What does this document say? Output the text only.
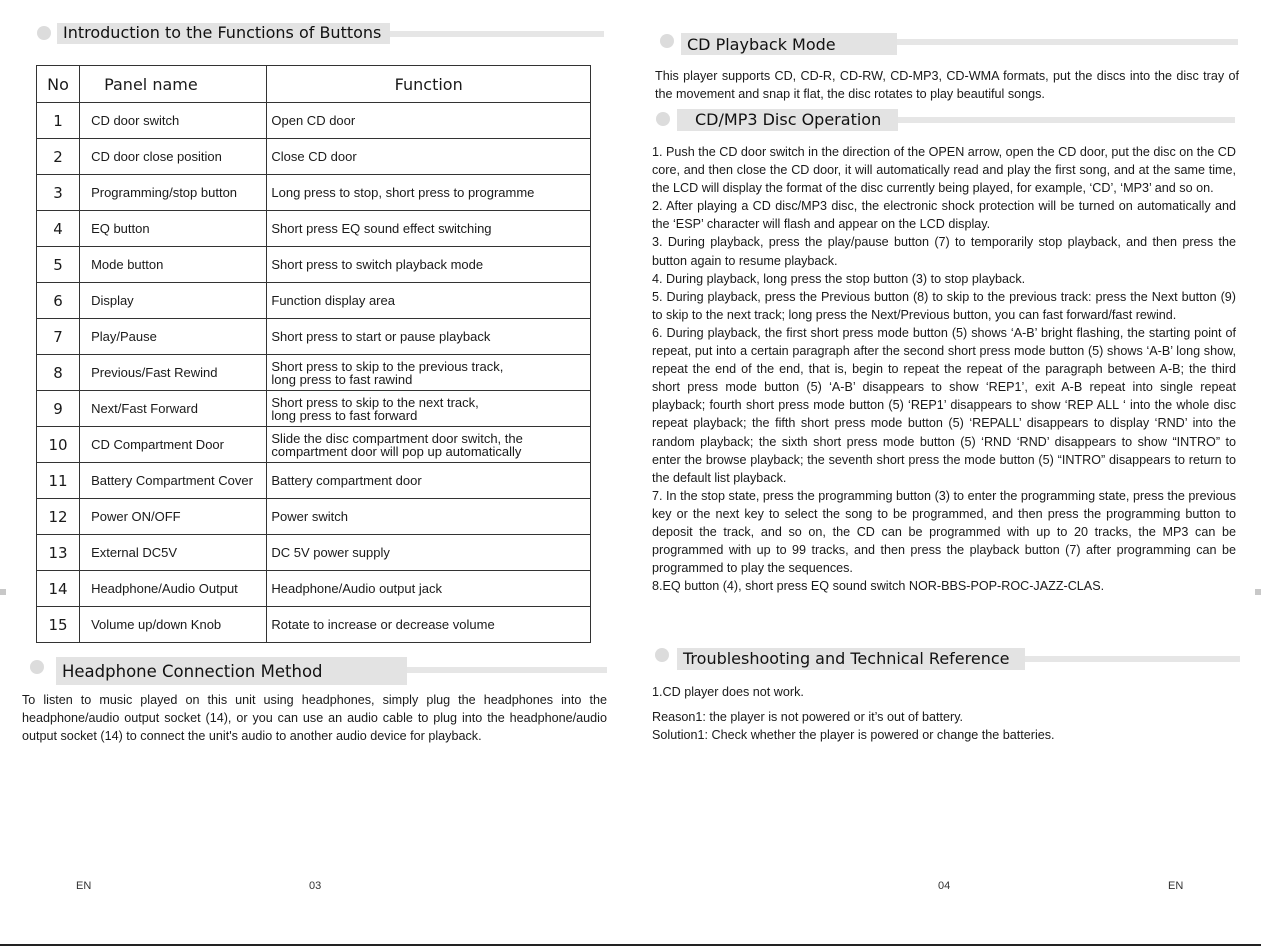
Introduction to the Functions of Buttons
No	Panel name	Function
1	CD door switch	Open CD door
2	CD door close position	Close CD door
3	Programming/stop button	Long press to stop, short press to programme
4	EQ button	Short press EQ sound effect switching
5	Mode button	Short press to switch playback mode
6	Display	Function display area
7	Play/Pause	Short press to start or pause playback
8	Previous/Fast Rewind	Short press to skip to the previous track,
long press to fast rawind

9	Next/Fast Forward	Short press to skip to the next track,
long press to fast forward

10	CD Compartment Door	Slide the disc compartment door switch, the
compartment door will pop up automatically

11	Battery Compartment Cover	Battery compartment door
12	Power ON/OFF	Power switch
13	External DC5V	DC 5V power supply
14	Headphone/Audio Output	Headphone/Audio output jack
15	Volume up/down Knob	Rotate to increase or decrease volume
Headphone Connection Method

To listen to music played on this unit using headphones, simply plug the headphones into the headphone/audio output socket (14), or you can use an audio cable to plug into the headphone/audio output socket (14) to connect the unit's audio to another audio device for playback.

EN	03
CD Playback Mode

This player supports CD, CD-R, CD-RW, CD-MP3, CD-WMA formats, put the discs into the disc tray of the movement and snap it flat, the disc rotates to play beautiful songs.

CD/MP3 Disc Operation

1. Push the CD door switch in the direction of the OPEN arrow, open the CD door, put the disc on the CD core, and then close the CD door, it will automatically read and play the first song, and at the same time, the LCD will display the format of the disc currently being played, for example, ‘CD’, ‘MP3’ and so on.

2. After playing a CD disc/MP3 disc, the electronic shock protection will be turned on automatically and the ‘ESP’ character will flash and appear on the LCD display.

3. During playback, press the play/pause button (7) to temporarily stop playback, and then press the button again to resume playback.

4. During playback, long press the stop button (3) to stop playback.

5. During playback, press the Previous button (8) to skip to the previous track: press the Next button (9) to skip to the next track; long press the Next/Previous button, you can fast forward/fast rewind.

6. During playback, the first short press mode button (5) shows ‘A-B’ bright flashing, the starting point of repeat, put into a certain paragraph after the second short press mode button (5) shows ‘A-B’ long show, repeat the end of the end, that is, begin to repeat the repeat of the paragraph between A-B; the third short press mode button (5) ‘A-B’ disappears to show ‘REP1’, exit A-B repeat into single repeat playback; fourth short press mode button (5) ‘REP1’ disappears to show ‘REP ALL ‘ into the whole disc repeat playback; the fifth short press mode button (5) ‘REPALL’ disappears to display ‘RND’ into the random playback; the sixth short press mode button (5) ‘RND ‘RND’ disappears to show “INTRO” to enter the browse playback; the seventh short press the mode button (5) “INTRO” disappears to return to the default list playback.

7. In the stop state, press the programming button (3) to enter the programming state, press the previous key or the next key to select the song to be programmed, and then press the programming button to deposit the track, and so on, the CD can be programmed with up to 20 tracks, the MP3 can be programmed with up to 99 tracks, and then press the playback button (7) after programming can be programmed to play the sequences.

8.EQ button (4), short press EQ sound switch NOR-BBS-POP-ROC-JAZZ-CLAS.

Troubleshooting and Technical Reference

1.CD player does not work.

Reason1: the player is not powered or it’s out of battery.

Solution1: Check whether the player is powered or change the batteries.

04	EN
